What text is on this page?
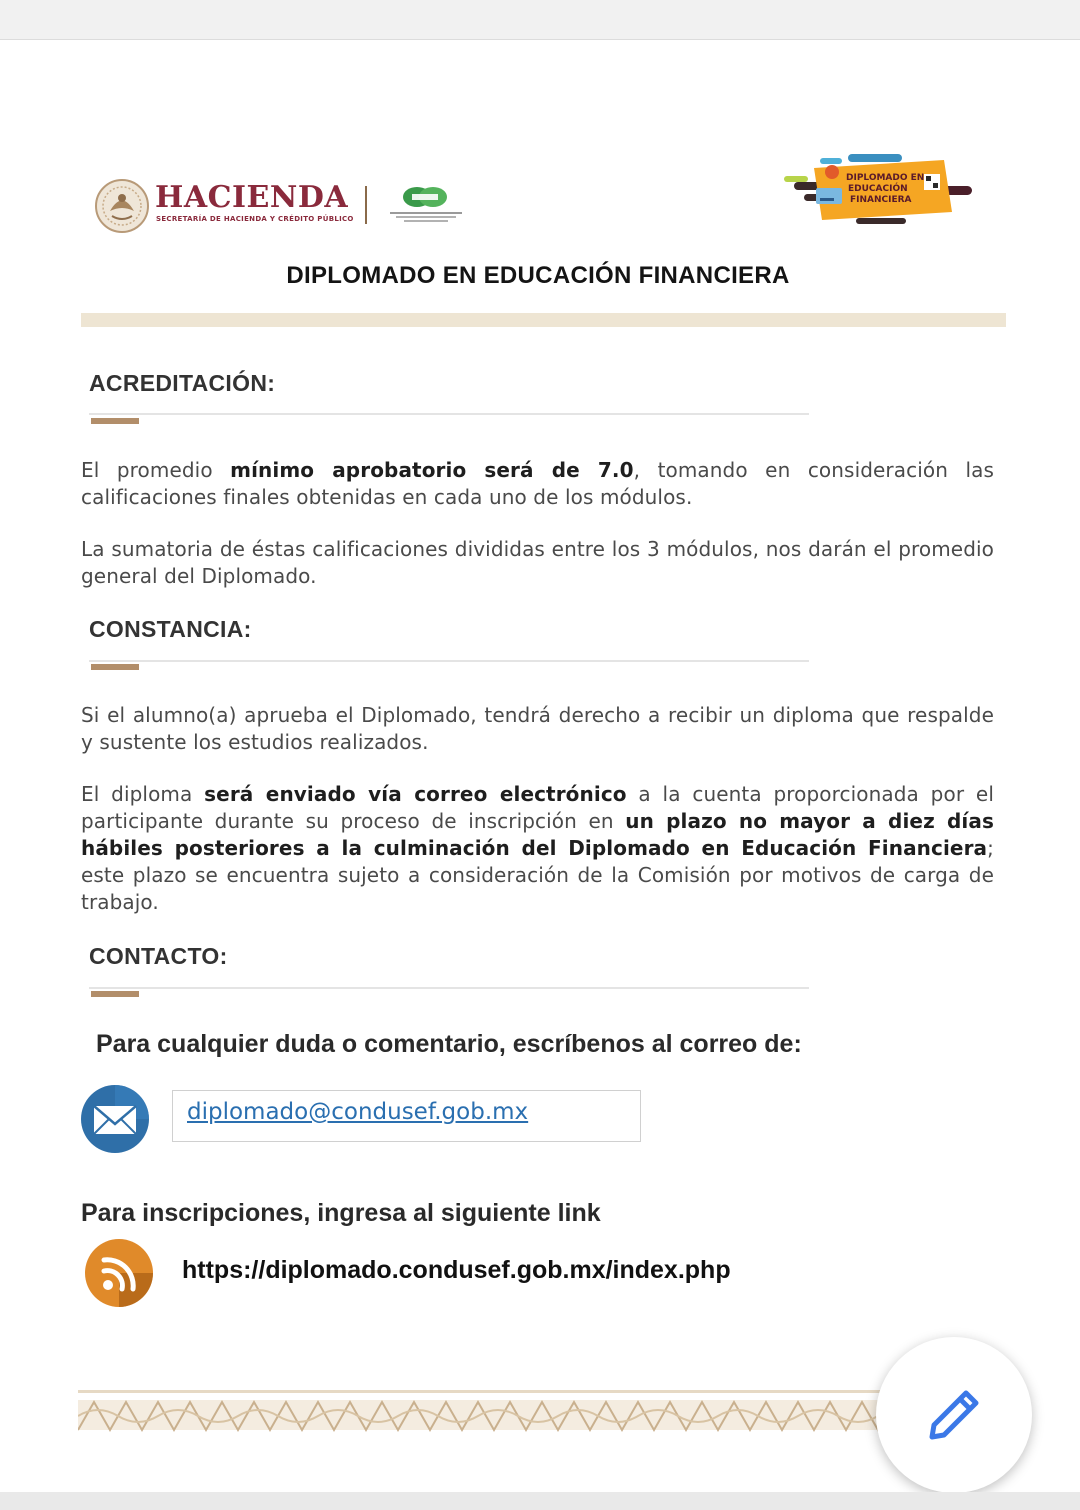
HACIENDA
SECRETARÍA DE HACIENDA Y CRÉDITO PÚBLICO
DIPLOMADO EN
EDUCACIÓN
FINANCIERA
DIPLOMADO EN EDUCACIÓN FINANCIERA
ACREDITACIÓN:
El promedio mínimo aprobatorio será de 7.0, tomando en consideración las calificaciones finales obtenidas en cada uno de los módulos.
La sumatoria de éstas calificaciones divididas entre los 3 módulos, nos darán el promedio general del Diplomado.
CONSTANCIA:
Si el alumno(a) aprueba el Diplomado, tendrá derecho a recibir un diploma que respalde y sustente los estudios realizados.
El diploma será enviado vía correo electrónico a la cuenta proporcionada por el participante durante su proceso de inscripción en un plazo no mayor a diez días hábiles posteriores a la culminación del Diplomado en Educación Financiera; este plazo se encuentra sujeto a consideración de la Comisión por motivos de carga de trabajo.
CONTACTO:
Para cualquier duda o comentario, escríbenos al correo de:
diplomado@condusef.gob.mx
Para inscripciones, ingresa al siguiente link
https://diplomado.condusef.gob.mx/index.php
